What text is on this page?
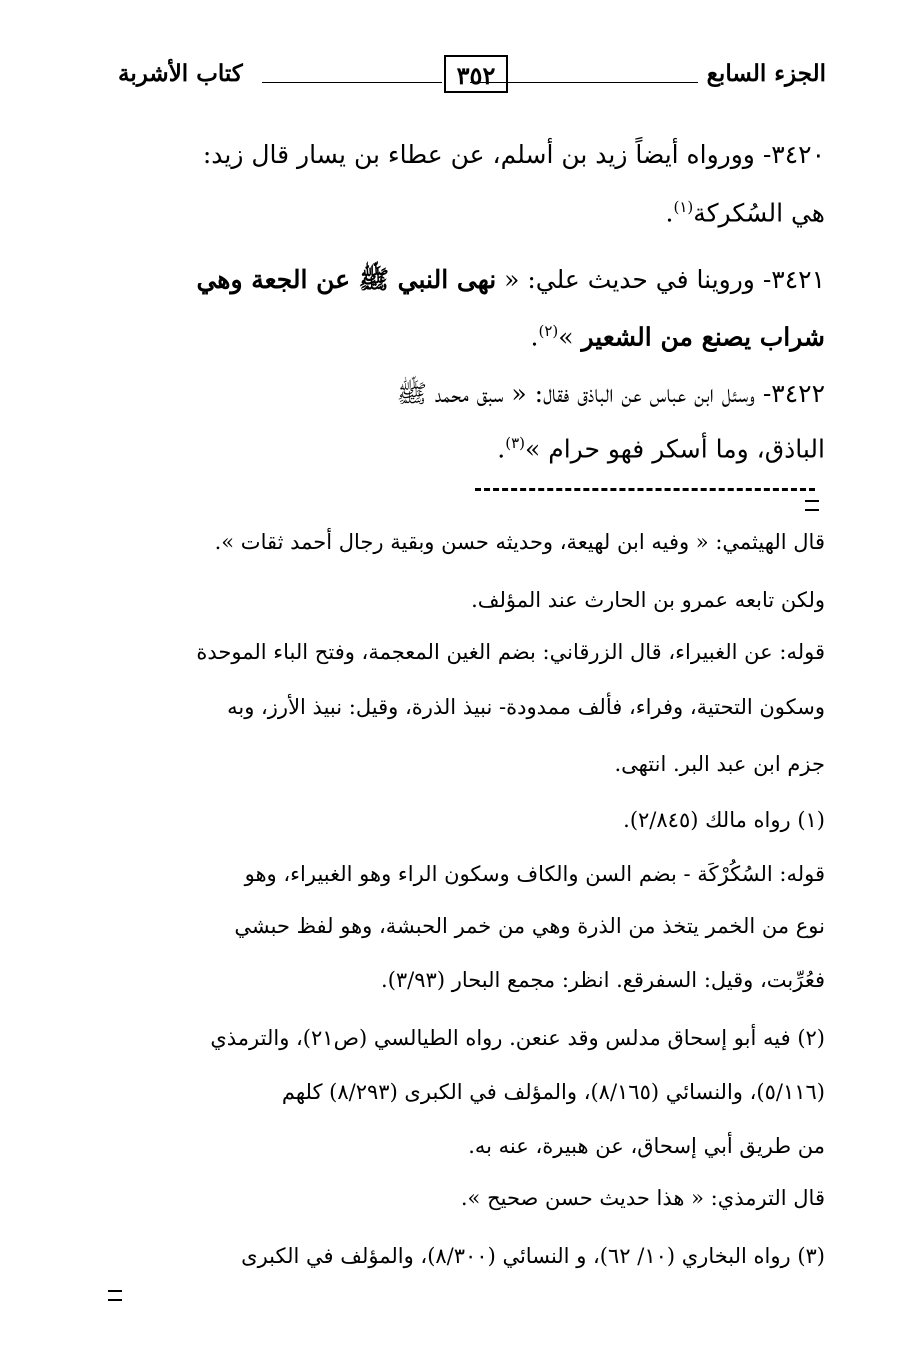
الجزء السابع
٣٥٢
كتاب الأشربة

٣٤٢٠- وورواه أيضاً زيد بن أسلم، عن عطاء بن يسار قال زيد:

هي السُكركة$^{(١)}$.

٣٤٢١- وروينا في حديث علي: « نهى النبي ﷺ عن الجعة وهي

شراب يصنع من الشعير »$^{(٢)}$.

٣٤٢٢- وسئل ابن عباس عن الباذق فقال: « سبق محمد ﷺ

الباذق، وما أسكر فهو حرام »$^{(٣)}$.

قال الهيثمي: « وفيه ابن لهيعة، وحديثه حسن وبقية رجال أحمد ثقات ».

ولكن تابعه عمرو بن الحارث عند المؤلف.

قوله: عن الغبيراء، قال الزرقاني: بضم الغين المعجمة، وفتح الباء الموحدة

وسكون التحتية، وفراء، فألف ممدودة- نبيذ الذرة، وقيل: نبيذ الأرز، وبه

جزم ابن عبد البر. انتهى.

(١) رواه مالك (٢/٨٤٥).

قوله: السُكُرْكَة - بضم السن والكاف وسكون الراء وهو الغبيراء، وهو

نوع من الخمر يتخذ من الذرة وهي من خمر الحبشة، وهو لفظ حبشي

فعُرِّبت، وقيل: السفرقع. انظر: مجمع البحار (٣/٩٣).

(٢) فيه أبو إسحاق مدلس وقد عنعن. رواه الطيالسي (ص٢١)، والترمذي

(٥/١١٦)، والنسائي (٨/١٦٥)، والمؤلف في الكبرى (٨/٢٩٣) كلهم

من طريق أبي إسحاق، عن هبيرة، عنه به.

قال الترمذي: « هذا حديث حسن صحيح ».

(٣) رواه البخاري (١٠/ ٦٢)، و النسائي (٨/٣٠٠)، والمؤلف في الكبرى
